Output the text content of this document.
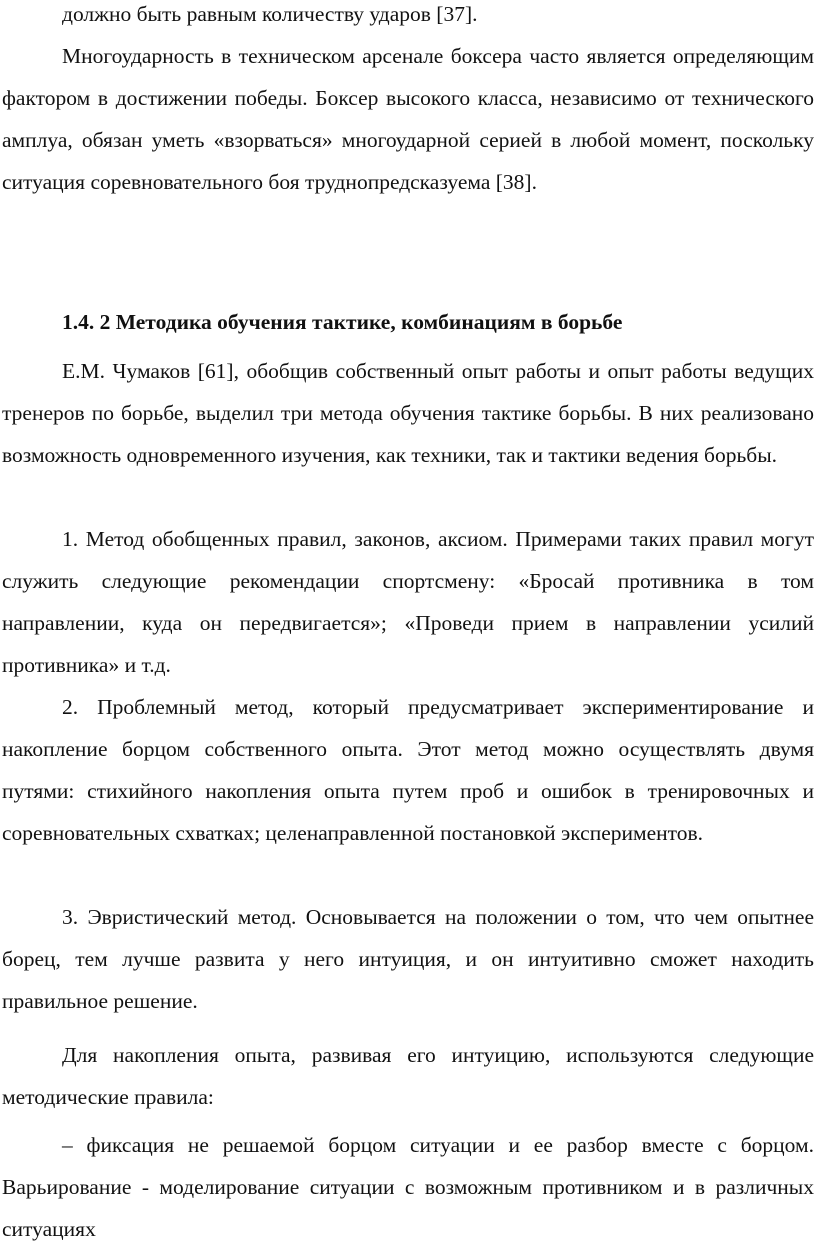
должно быть равным количеству ударов [37].

Многоударность в техническом арсенале боксера часто является определяющим фактором в достижении победы. Боксер высокого класса, независимо от технического амплуа, обязан уметь «взорваться» многоударной серией в любой момент, поскольку ситуация соревновательного боя труднопредсказуема [38].

1.4. 2 Методика обучения тактике, комбинациям в борьбе

Е.М. Чумаков [61], обобщив собственный опыт работы и опыт работы ведущих тренеров по борьбе, выделил три метода обучения тактике борьбы. В них реализовано возможность одновременного изучения, как техники, так и тактики ведения борьбы.

1. Метод обобщенных правил, законов, аксиом. Примерами таких правил могут служить следующие рекомендации спортсмену: «Бросай противника в том направлении, куда он передвигается»; «Проведи прием в направлении усилий противника» и т.д.

2. Проблемный метод, который предусматривает экспериментирование и накопление борцом собственного опыта. Этот метод можно осуществлять двумя путями: стихийного накопления опыта путем проб и ошибок в тренировочных и соревновательных схватках; целенаправленной постановкой экспериментов.

3. Эвристический метод. Основывается на положении о том, что чем опытнее борец, тем лучше развита у него интуиция, и он интуитивно сможет находить правильное решение.

Для накопления опыта, развивая его интуицию, используются следующие методические правила:

– фиксация не решаемой борцом ситуации и ее разбор вместе с борцом. Варьирование - моделирование ситуации с возможным противником и в различных ситуациях
